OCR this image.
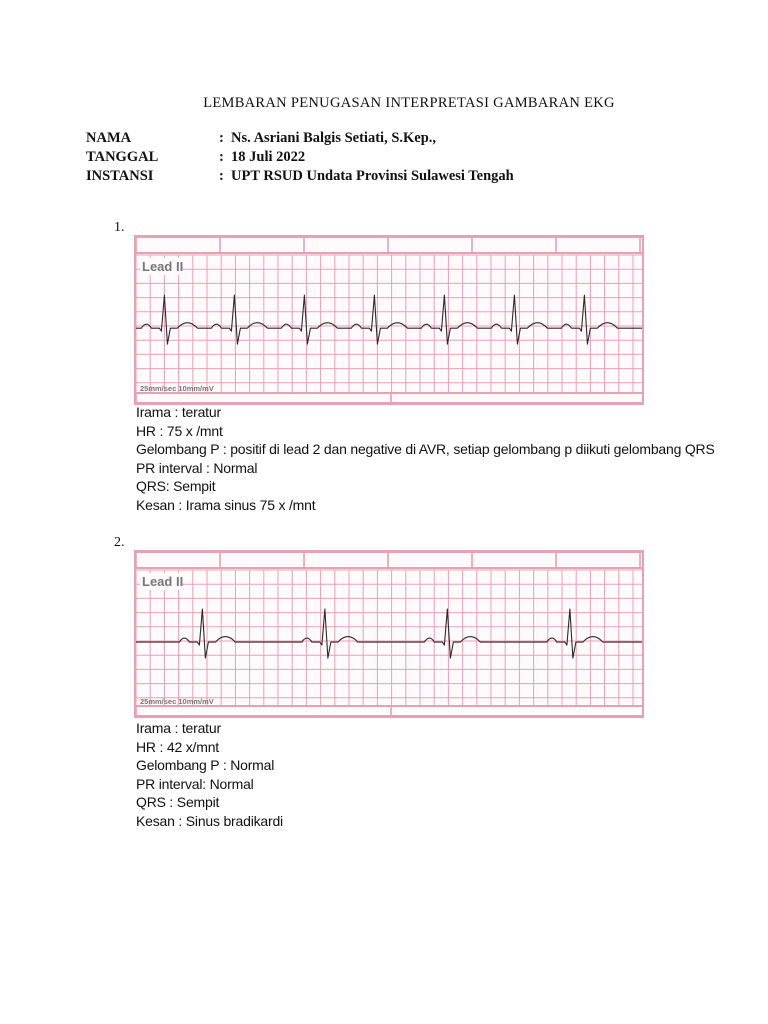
LEMBARAN PENUGASAN INTERPRETASI GAMBARAN EKG
NAMA	: Ns. Asriani Balgis Setiati, S.Kep.,
TANGGAL	: 18 Juli 2022
INSTANSI	: UPT RSUD Undata Provinsi Sulawesi Tengah
1.
Lead II
25mm/sec 10mm/mV
Irama : teratur
HR : 75 x /mnt
Gelombang P : positif di lead 2 dan negative di AVR, setiap gelombang p diikuti gelombang QRS
PR interval : Normal
QRS: Sempit
Kesan : Irama sinus 75 x /mnt
2.
Lead II
25mm/sec 10mm/mV
Irama : teratur
HR : 42 x/mnt
Gelombang P : Normal
PR interval: Normal
QRS : Sempit
Kesan : Sinus bradikardi
